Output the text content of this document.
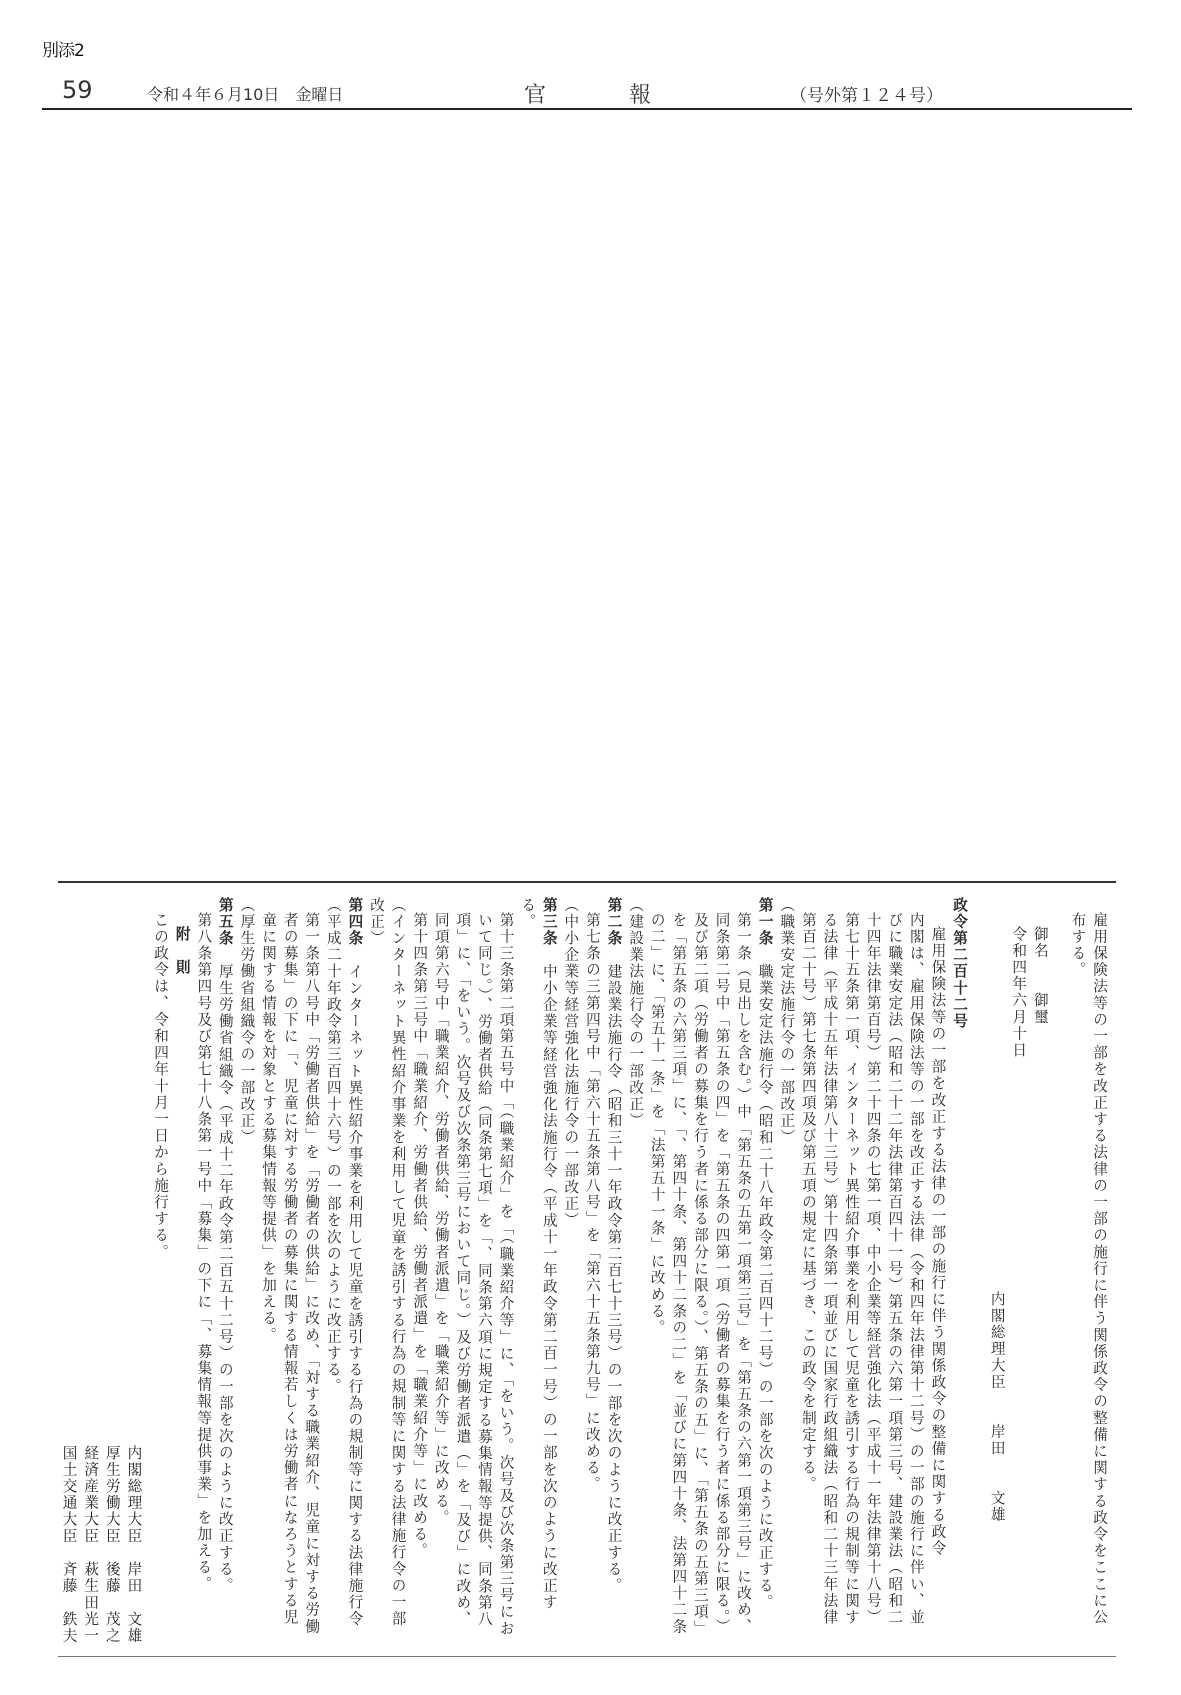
別添2
59	令和４年６月10日　金曜日	官	報	（号外第１２４号）

雇用保険法等の一部を改正する法律の一部の施行に伴う関係政令の整備に関する政令をここに公布する。

御名　　御璽

令和四年六月十日

内閣総理大臣　　岸田　　文雄

政令第二百十二号

雇用保険法等の一部を改正する法律の一部の施行に伴う関係政令の整備に関する政令

内閣は、雇用保険法等の一部を改正する法律（令和四年法律第十二号）の一部の施行に伴い、並びに職業安定法（昭和二十二年法律第百四十一号）第五条の六第一項第三号、建設業法（昭和二十四年法律第百号）第二十四条の七第一項、中小企業等経営強化法（平成十一年法律第十八号）第七十五条第一項、インターネット異性紹介事業を利用して児童を誘引する行為の規制等に関する法律（平成十五年法律第八十三号）第十四条第一項並びに国家行政組織法（昭和二十三年法律第百二十号）第七条第四項及び第五項の規定に基づき、この政令を制定する。

（職業安定法施行令の一部改正）

第一条　職業安定法施行令（昭和二十八年政令第二百四十二号）の一部を次のように改正する。

第一条（見出しを含む。）中「第五条の五第一項第三号」を「第五条の六第一項第三号」に改め、同条第二号中「第五条の四」を「第五条の四第一項（労働者の募集を行う者に係る部分に限る。）及び第二項（労働者の募集を行う者に係る部分に限る。）、第五条の五」に、「第五条の五第三項」を「第五条の六第三項」に、「、第四十条、第四十二条の二」を「並びに第四十条、法第四十二条の二」に、「第五十一条」を「法第五十一条」に改める。

（建設業法施行令の一部改正）

第二条　建設業法施行令（昭和三十一年政令第二百七十三号）の一部を次のように改正する。

第七条の三第四号中「第六十五条第八号」を「第六十五条第九号」に改める。

（中小企業等経営強化法施行令の一部改正）

第三条　中小企業等経営強化法施行令（平成十一年政令第二百一号）の一部を次のように改正する。

第十三条第二項第五号中「（職業紹介」を「（職業紹介等」に、「をいう。次号及び次条第三号において同じ。）、労働者供給（同条第七項」を「、同条第六項に規定する募集情報等提供、同条第八項」に、「をいう。次号及び次条第三号において同じ。）及び労働者派遣（」を「及び」に改め、同項第六号中「職業紹介、労働者供給、労働者派遣」を「職業紹介等」に改める。

第十四条第三号中「職業紹介、労働者供給、労働者派遣」を「職業紹介等」に改める。

（インターネット異性紹介事業を利用して児童を誘引する行為の規制等に関する法律施行令の一部改正）

第四条　インターネット異性紹介事業を利用して児童を誘引する行為の規制等に関する法律施行令（平成二十年政令第三百四十六号）の一部を次のように改正する。

第一条第八号中「労働者供給」を「労働者の供給」に改め、「対する職業紹介、児童に対する労働者の募集」の下に「、児童に対する労働者の募集に関する情報若しくは労働者になろうとする児童に関する情報を対象とする募集情報等提供」を加える。

（厚生労働省組織令の一部改正）

第五条　厚生労働省組織令（平成十二年政令第二百五十二号）の一部を次のように改正する。

第八条第四号及び第七十八条第一号中「募集」の下に「、募集情報等提供事業」を加える。

附　則

この政令は、令和四年十月一日から施行する。

内閣総理大臣　岸田　文雄

厚生労働大臣　後藤　茂之

経済産業大臣　萩生田光一

国土交通大臣　斉藤　鉄夫
